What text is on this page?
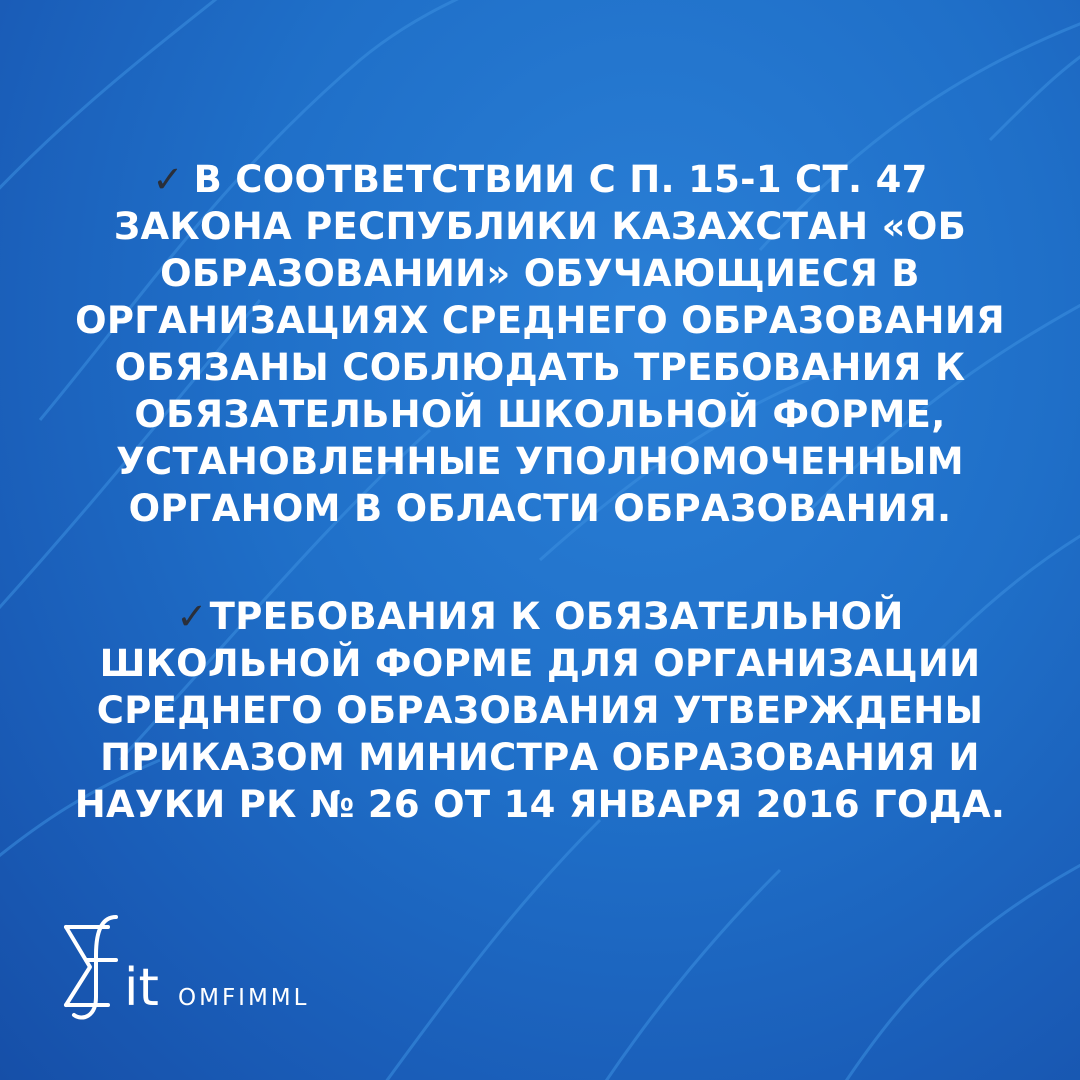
✓ В СООТВЕТСТВИИ С П. 15-1 СТ. 47 ЗАКОНА РЕСПУБЛИКИ КАЗАХСТАН «ОБ ОБРАЗОВАНИИ» ОБУЧАЮЩИЕСЯ В ОРГАНИЗАЦИЯХ СРЕДНЕГО ОБРАЗОВАНИЯ ОБЯЗАНЫ СОБЛЮДАТЬ ТРЕБОВАНИЯ К ОБЯЗАТЕЛЬНОЙ ШКОЛЬНОЙ ФОРМЕ, УСТАНОВЛЕННЫЕ УПОЛНОМОЧЕННЫМ ОРГАНОМ В ОБЛАСТИ ОБРАЗОВАНИЯ.
✓ТРЕБОВАНИЯ К ОБЯЗАТЕЛЬНОЙ ШКОЛЬНОЙ ФОРМЕ ДЛЯ ОРГАНИЗАЦИИ СРЕДНЕГО ОБРАЗОВАНИЯ УТВЕРЖДЕНЫ ПРИКАЗОМ МИНИСТРА ОБРАЗОВАНИЯ И НАУКИ РК № 26 ОТ 14 ЯНВАРЯ 2016 ГОДА.
it OMFIMML
